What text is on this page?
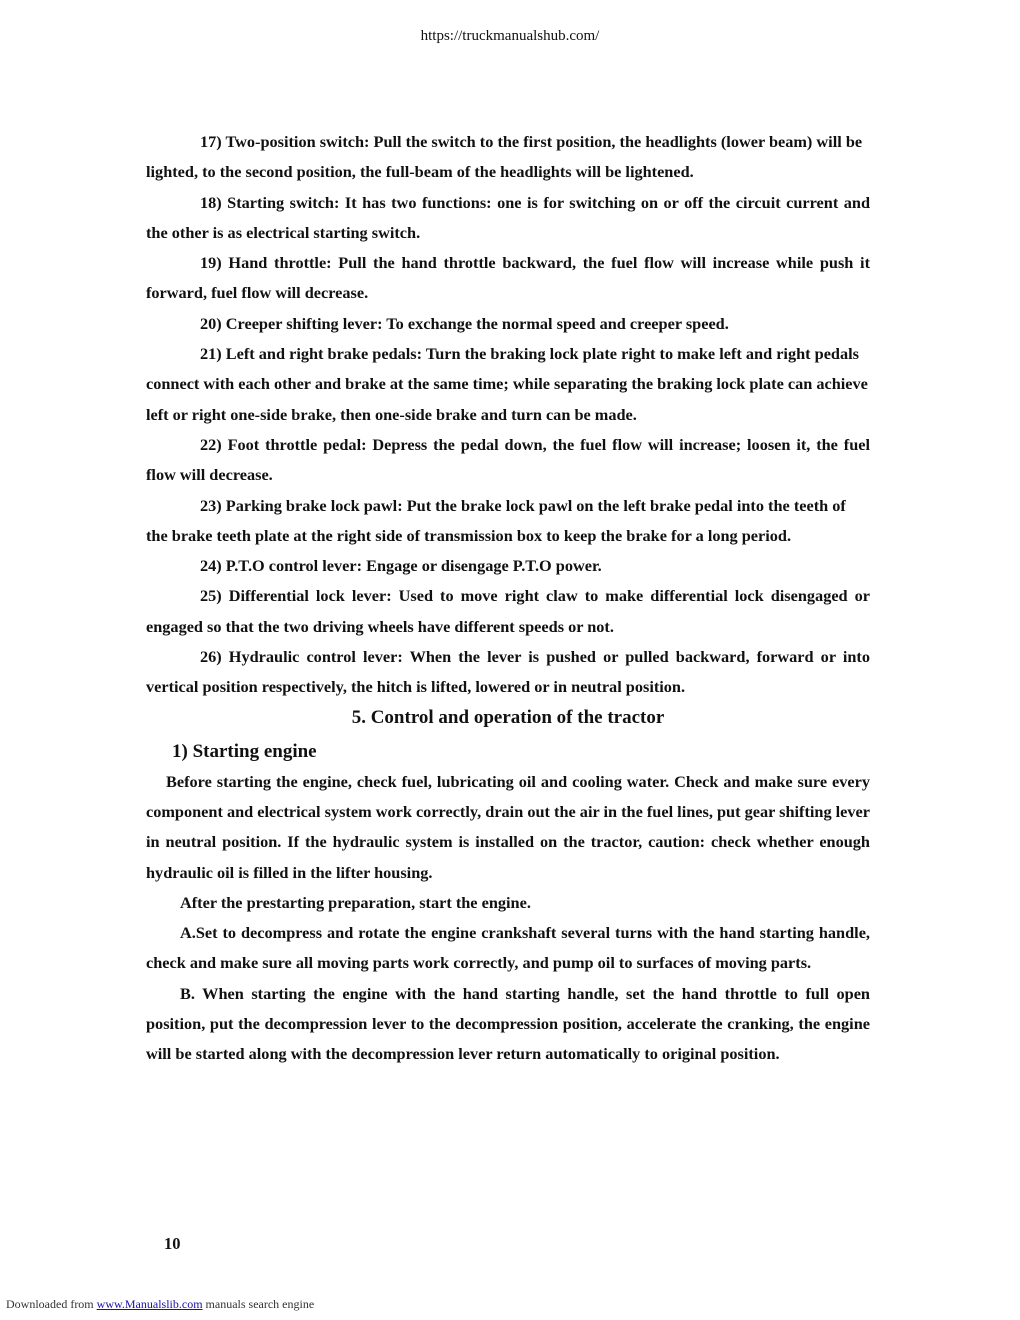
https://truckmanualshub.com/

17) Two-position switch: Pull the switch to the first position, the headlights (lower beam) will be lighted, to the second position, the full-beam of the headlights will be lightened.

18) Starting switch: It has two functions: one is for switching on or off the circuit current and the other is as electrical starting switch.

19) Hand throttle: Pull the hand throttle backward, the fuel flow will increase while push it forward, fuel flow will decrease.

20) Creeper shifting lever: To exchange the normal speed and creeper speed.

21) Left and right brake pedals: Turn the braking lock plate right to make left and right pedals connect with each other and brake at the same time; while separating the braking lock plate can achieve left or right one-side brake, then one-side brake and turn can be made.

22) Foot throttle pedal: Depress the pedal down, the fuel flow will increase; loosen it, the fuel flow will decrease.

23) Parking brake lock pawl: Put the brake lock pawl on the left brake pedal into the teeth of the brake teeth plate at the right side of transmission box to keep the brake for a long period.

24) P.T.O control lever: Engage or disengage P.T.O power.

25) Differential lock lever: Used to move right claw to make differential lock disengaged or engaged so that the two driving wheels have different speeds or not.

26) Hydraulic control lever: When the lever is pushed or pulled backward, forward or into vertical position respectively, the hitch is lifted, lowered or in neutral position.

5. Control and operation of the tractor
1) Starting engine

Before starting the engine, check fuel, lubricating oil and cooling water. Check and make sure every component and electrical system work correctly, drain out the air in the fuel lines, put gear shifting lever in neutral position. If the hydraulic system is installed on the tractor, caution: check whether enough hydraulic oil is filled in the lifter housing.

After the prestarting preparation, start the engine.

A.Set to decompress and rotate the engine crankshaft several turns with the hand starting handle, check and make sure all moving parts work correctly, and pump oil to surfaces of moving parts.

B. When starting the engine with the hand starting handle, set the hand throttle to full open position, put the decompression lever to the decompression position, accelerate the cranking, the engine will be started along with the decompression lever return automatically to original position.

10
Downloaded from www.Manualslib.com manuals search engine
